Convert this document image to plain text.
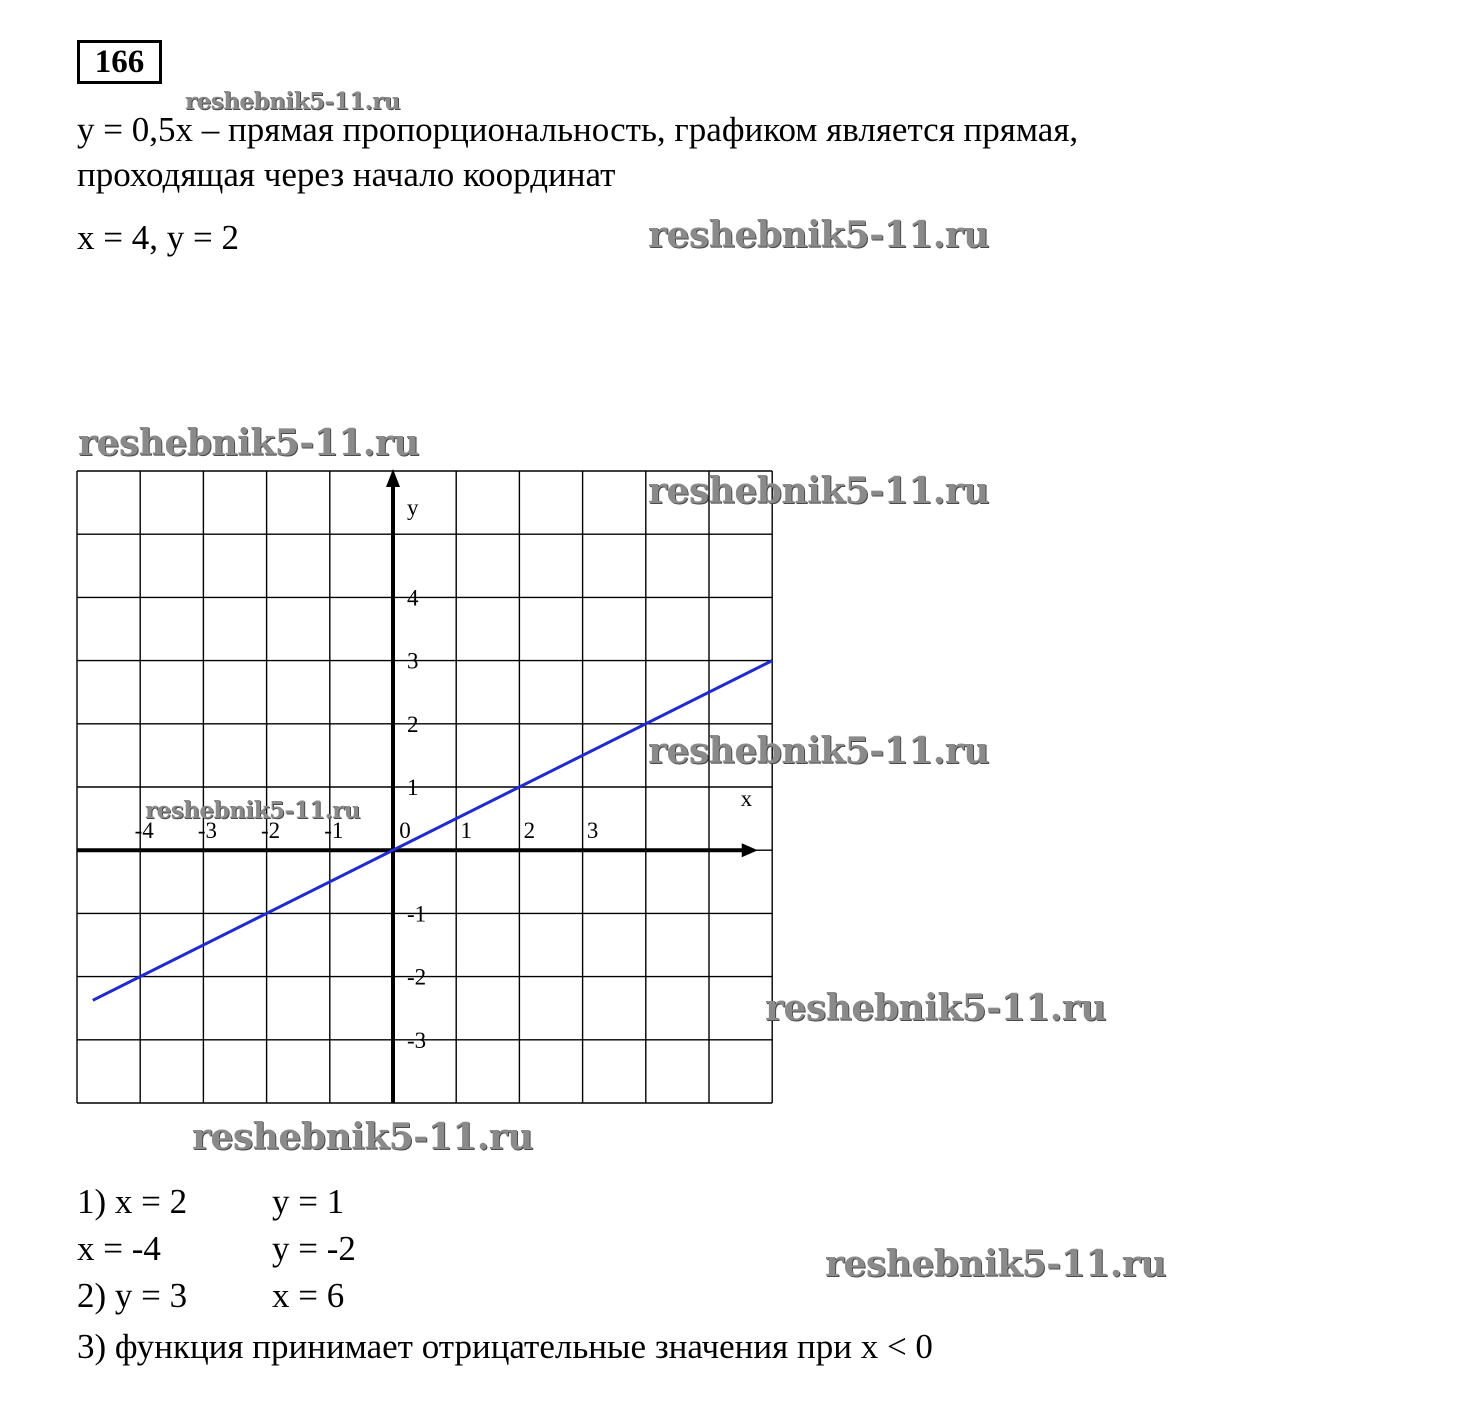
166
y = 0,5x – прямая пропорциональность, графиком является прямая,
проходящая через начало координат
x = 4, y = 2
-4 -3 -2 -1 0 1 2 3
4
3
2
1
-1
-2
-3
x
y
1) x = 2 y = 1
x = -4	y = -2
2) y = 3 x = 6
3) функция принимает отрицательные значения при x < 0
reshebnik5-11.ru
reshebnik5-11.ru
reshebnik5-11.ru
reshebnik5-11.ru
reshebnik5-11.ru
reshebnik5-11.ru
reshebnik5-11.ru
reshebnik5-11.ru
reshebnik5-11.ru
